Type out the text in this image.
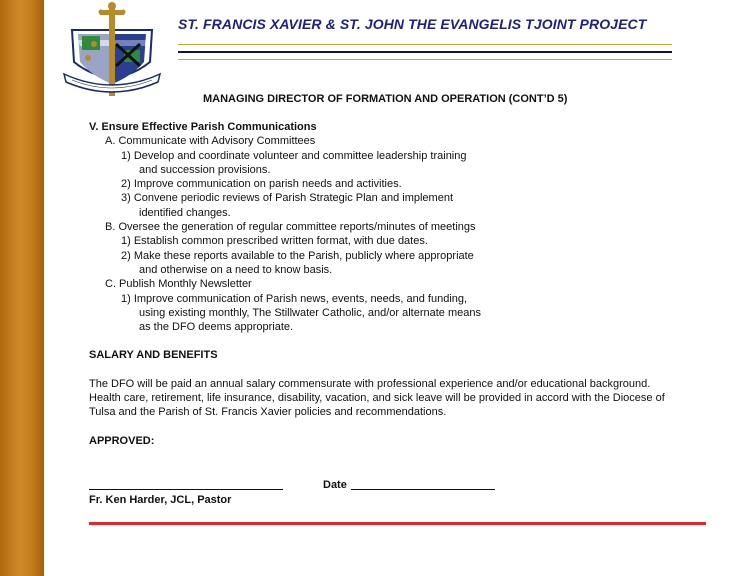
ST. FRANCIS XAVIER & ST. JOHN THE EVANGELIS TJOINT PROJECT
MANAGING DIRECTOR OF FORMATION AND OPERATION (CONT’D 5)
V. Ensure Effective Parish Communications
A. Communicate with Advisory Committees
1) Develop and coordinate volunteer and committee leadership training
and succession provisions.
2) Improve communication on parish needs and activities.
3) Convene periodic reviews of Parish Strategic Plan and implement
identified changes.
B. Oversee the generation of regular committee reports/minutes of meetings
1) Establish common prescribed written format, with due dates.
2) Make these reports available to the Parish, publicly where appropriate
and otherwise on a need to know basis.
C. Publish Monthly Newsletter
1) Improve communication of Parish news, events, needs, and funding,
using existing monthly, The Stillwater Catholic, and/or alternate means
as the DFO deems appropriate.
SALARY AND BENEFITS
The DFO will be paid an annual salary commensurate with professional experience and/or educational background.
Health care, retirement, life insurance, disability, vacation, and sick leave will be provided in accord with the Diocese of
Tulsa and the Parish of St. Francis Xavier policies and recommendations.
APPROVED:
Fr. Ken Harder, JCL, Pastor
Date
